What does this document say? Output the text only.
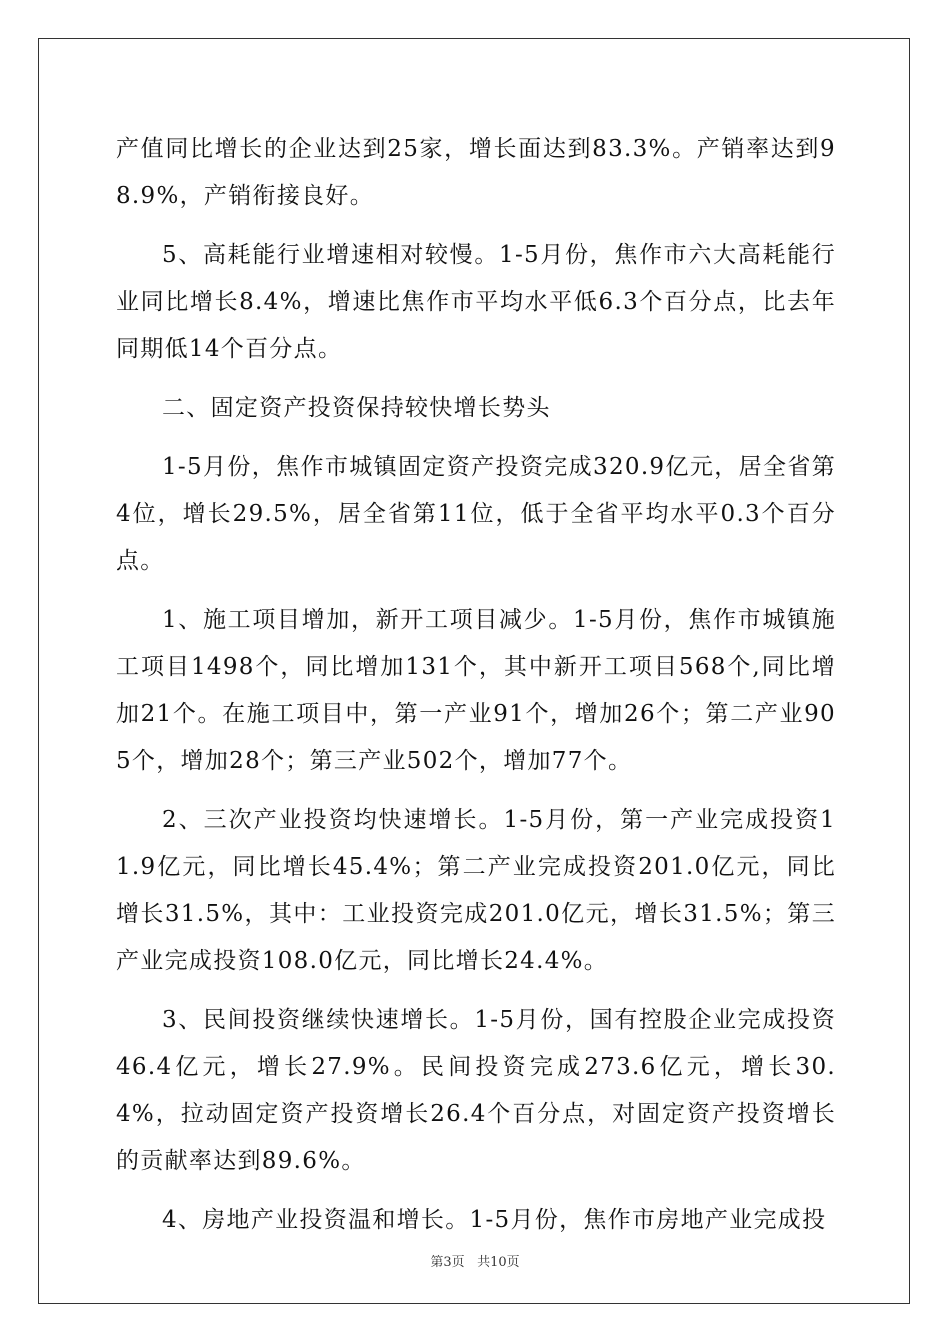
产值同比增长的企业达到25家，增长面达到83.3%。产销率达到98.9%，产销衔接良好。

5、高耗能行业增速相对较慢。1-5月份，焦作市六大高耗能行业同比增长8.4%，增速比焦作市平均水平低6.3个百分点，比去年同期低14个百分点。

二、固定资产投资保持较快增长势头

1-5月份，焦作市城镇固定资产投资完成320.9亿元，居全省第4位，增长29.5%，居全省第11位，低于全省平均水平0.3个百分点。

1、施工项目增加，新开工项目减少。1-5月份，焦作市城镇施工项目1498个，同比增加131个，其中新开工项目568个,同比增加21个。在施工项目中，第一产业91个，增加26个；第二产业905个，增加28个；第三产业502个，增加77个。

2、三次产业投资均快速增长。1-5月份，第一产业完成投资11.9亿元，同比增长45.4%；第二产业完成投资201.0亿元，同比增长31.5%，其中：工业投资完成201.0亿元，增长31.5%；第三产业完成投资108.0亿元，同比增长24.4%。

3、民间投资继续快速增长。1-5月份，国有控股企业完成投资46.4亿元，增长27.9%。民间投资完成273.6亿元，增长30.4%，拉动固定资产投资增长26.4个百分点，对固定资产投资增长的贡献率达到89.6%。

4、房地产业投资温和增长。1-5月份，焦作市房地产业完成投

第3页 共10页
